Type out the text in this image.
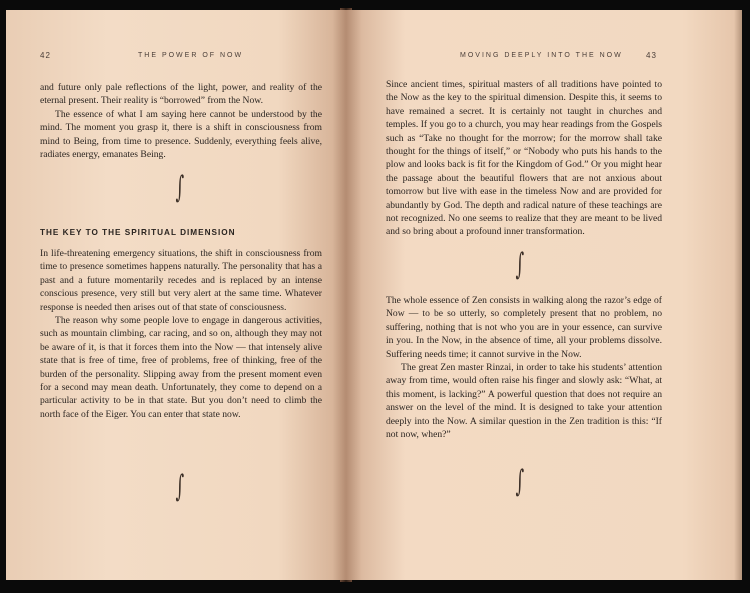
42	THE POWER OF NOW

and future only pale reflections of the light, power, and reality of the eternal present. Their reality is “borrowed” from the Now.

The essence of what I am saying here cannot be understood by the mind. The moment you grasp it, there is a shift in consciousness from mind to Being, from time to presence. Suddenly, everything feels alive, radiates energy, emanates Being.

∫
THE KEY TO THE SPIRITUAL DIMENSION

In life-threatening emergency situations, the shift in consciousness from time to presence sometimes happens naturally. The personality that has a past and a future momentarily recedes and is replaced by an intense conscious presence, very still but very alert at the same time. Whatever response is needed then arises out of that state of consciousness.

The reason why some people love to engage in dangerous activities, such as mountain climbing, car racing, and so on, although they may not be aware of it, is that it forces them into the Now — that intensely alive state that is free of time, free of problems, free of thinking, free of the burden of the personality. Slipping away from the present moment even for a second may mean death. Unfortunately, they come to depend on a particular activity to be in that state. But you don’t need to climb the north face of the Eiger. You can enter that state now.

∫
MOVING DEEPLY INTO THE NOW	43

Since ancient times, spiritual masters of all traditions have pointed to the Now as the key to the spiritual dimension. Despite this, it seems to have remained a secret. It is certainly not taught in churches and temples. If you go to a church, you may hear readings from the Gospels such as “Take no thought for the morrow; for the morrow shall take thought for the things of itself,” or “Nobody who puts his hands to the plow and looks back is fit for the Kingdom of God.” Or you might hear the passage about the beautiful flowers that are not anxious about tomorrow but live with ease in the timeless Now and are provided for abundantly by God. The depth and radical nature of these teachings are not recognized. No one seems to realize that they are meant to be lived and so bring about a profound inner transformation.

∫

The whole essence of Zen consists in walking along the razor’s edge of Now — to be so utterly, so completely present that no problem, no suffering, nothing that is not who you are in your essence, can survive in you. In the Now, in the absence of time, all your problems dissolve. Suffering needs time; it cannot survive in the Now.

The great Zen master Rinzai, in order to take his students’ attention away from time, would often raise his finger and slowly ask: “What, at this moment, is lacking?” A powerful question that does not require an answer on the level of the mind. It is designed to take your attention deeply into the Now. A similar question in the Zen tradition is this: “If not now, when?”

∫
